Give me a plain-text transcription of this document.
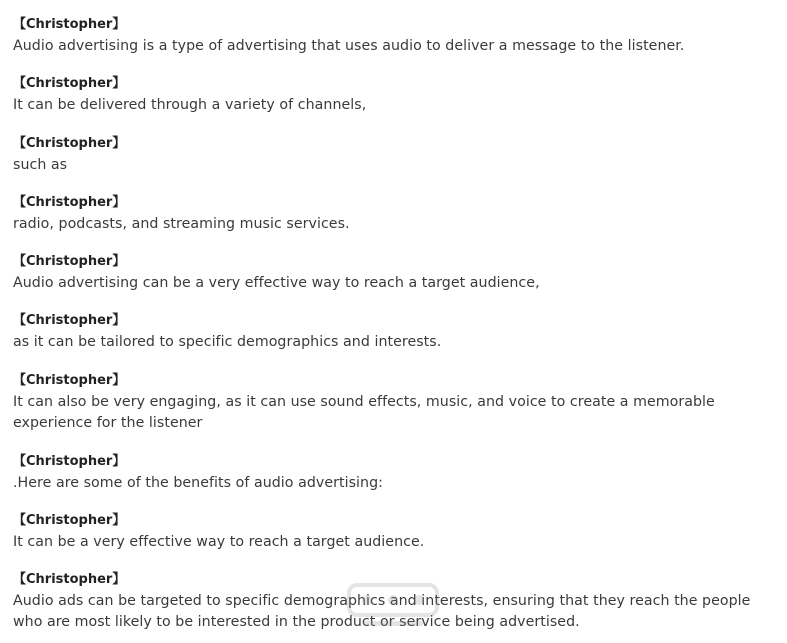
【Christopher】
Audio advertising is a type of advertising that uses audio to deliver a message to the listener.
【Christopher】
It can be delivered through a variety of channels,
【Christopher】
such as
【Christopher】
radio, podcasts, and streaming music services.
【Christopher】
Audio advertising can be a very effective way to reach a target audience,
【Christopher】
as it can be tailored to specific demographics and interests.
【Christopher】
It can also be very engaging, as it can use sound effects, music, and voice to create a memorable experience for the listener
【Christopher】
.Here are some of the benefits of audio advertising:
【Christopher】
It can be a very effective way to reach a target audience.
【Christopher】
Audio ads can be targeted to specific demographics and interests, ensuring that they reach the people who are most likely to be interested in the product or service being advertised.
